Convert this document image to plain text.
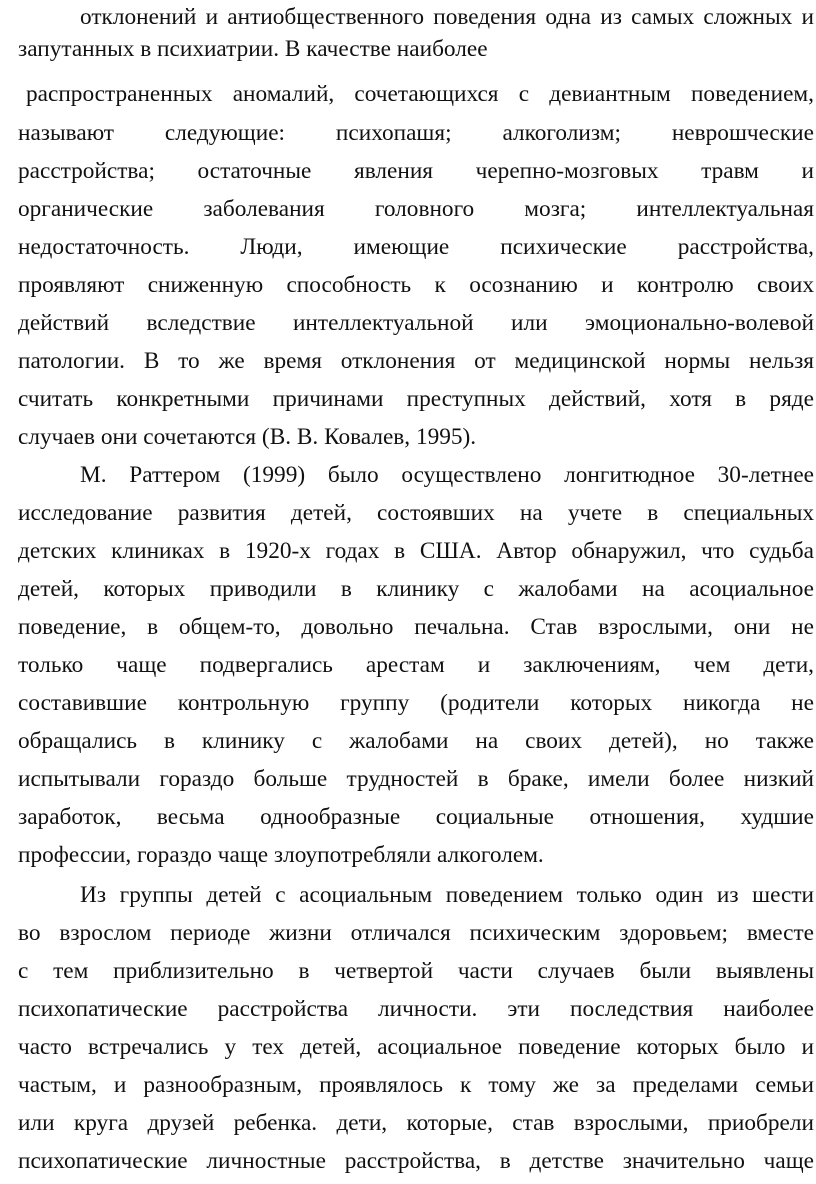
отклонений и антиобщественного поведения одна из самых сложных и
запутанных в психиатрии. В качестве наиболее
распространенных аномалий, сочетающихся с девиантным поведением,
называют следующие: психопашя; алкоголизм; неврошческие
расстройства; остаточные явления черепно-мозговых травм и
органические заболевания головного мозга; интеллектуальная
недостаточность. Люди, имеющие психические расстройства,
проявляют сниженную способность к осознанию и контролю своих
действий вследствие интеллектуальной или эмоционально-волевой
патологии. В то же время отклонения от медицинской нормы нельзя
считать конкретными причинами преступных действий, хотя в ряде
случаев они сочетаются (В. В. Ковалев, 1995).
М. Раттером (1999) было осуществлено лонгитюдное 30-летнее
исследование развития детей, состоявших на учете в специальных
детских клиниках в 1920-х годах в США. Автор обнаружил, что судьба
детей, которых приводили в клинику с жалобами на асоциальное
поведение, в общем-то, довольно печальна. Став взрослыми, они не
только чаще подвергались арестам и заключениям, чем дети,
составившие контрольную группу (родители которых никогда не
обращались в клинику с жалобами на своих детей), но также
испытывали гораздо больше трудностей в браке, имели более низкий
заработок, весьма однообразные социальные отношения, худшие
профессии, гораздо чаще злоупотребляли алкоголем.
Из группы детей с асоциальным поведением только один из шести
во взрослом периоде жизни отличался психическим здоровьем; вместе
с тем приблизительно в четвертой части случаев были выявлены
психопатические расстройства личности. эти последствия наиболее
часто встречались у тех детей, асоциальное поведение которых было и
частым, и разнообразным, проявлялось к тому же за пределами семьи
или круга друзей ребенка. дети, которые, став взрослыми, приобрели
психопатические личностные расстройства, в детстве значительно чаще
